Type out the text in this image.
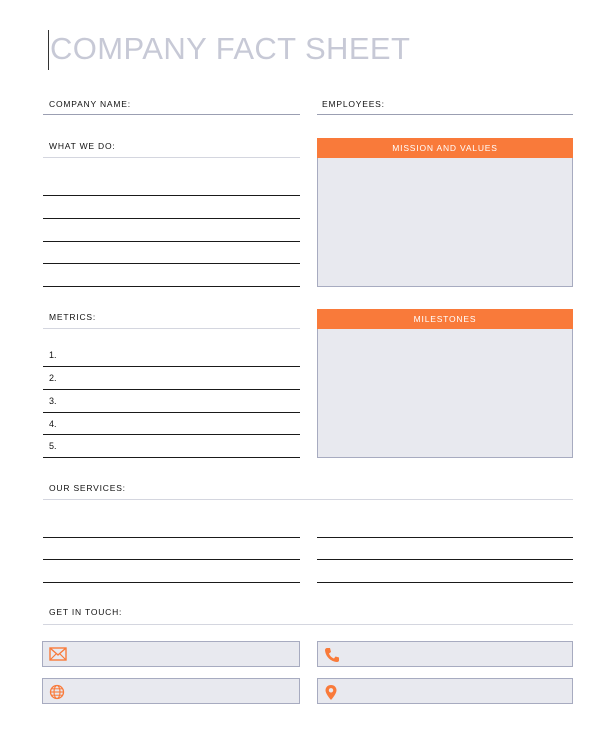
COMPANY FACT SHEET
COMPANY NAME:	EMPLOYEES:
WHAT WE DO:	MISSION AND VALUES
METRICS:
1.
2.
3.
4.
5.
MILESTONES
OUR SERVICES:
GET IN TOUCH:
